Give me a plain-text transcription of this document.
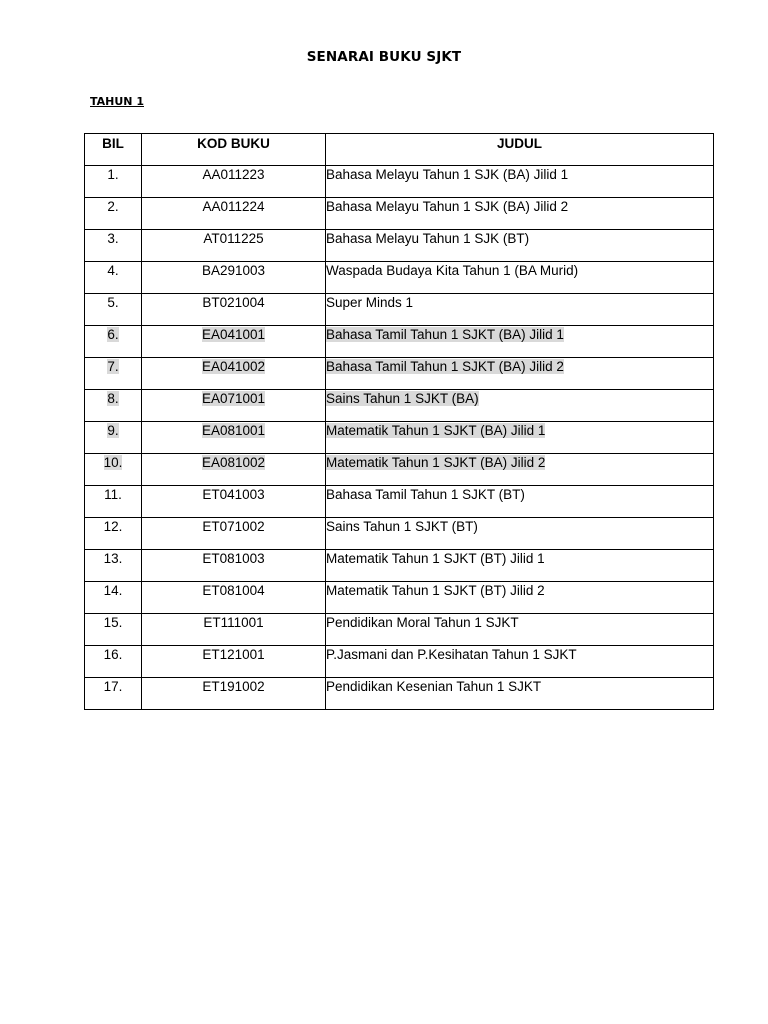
SENARAI BUKU SJKT
TAHUN 1
BIL	KOD BUKU	JUDUL
1.	AA011223	Bahasa Melayu Tahun 1 SJK (BA) Jilid 1
2.	AA011224	Bahasa Melayu Tahun 1 SJK (BA) Jilid 2
3.	AT011225	Bahasa Melayu Tahun 1 SJK (BT)
4.	BA291003	Waspada Budaya Kita Tahun 1 (BA Murid)
5.	BT021004	Super Minds 1
6.	EA041001	Bahasa Tamil Tahun 1 SJKT (BA) Jilid 1
7.	EA041002	Bahasa Tamil Tahun 1 SJKT (BA) Jilid 2
8.	EA071001	Sains Tahun 1 SJKT (BA)
9.	EA081001	Matematik Tahun 1 SJKT (BA) Jilid 1
10.	EA081002	Matematik Tahun 1 SJKT (BA) Jilid 2
11.	ET041003	Bahasa Tamil Tahun 1 SJKT (BT)
12.	ET071002	Sains Tahun 1 SJKT (BT)
13.	ET081003	Matematik Tahun 1 SJKT (BT) Jilid 1
14.	ET081004	Matematik Tahun 1 SJKT (BT) Jilid 2
15.	ET111001	Pendidikan Moral Tahun 1 SJKT
16.	ET121001	P.Jasmani dan P.Kesihatan Tahun 1 SJKT
17.	ET191002	Pendidikan Kesenian Tahun 1 SJKT
